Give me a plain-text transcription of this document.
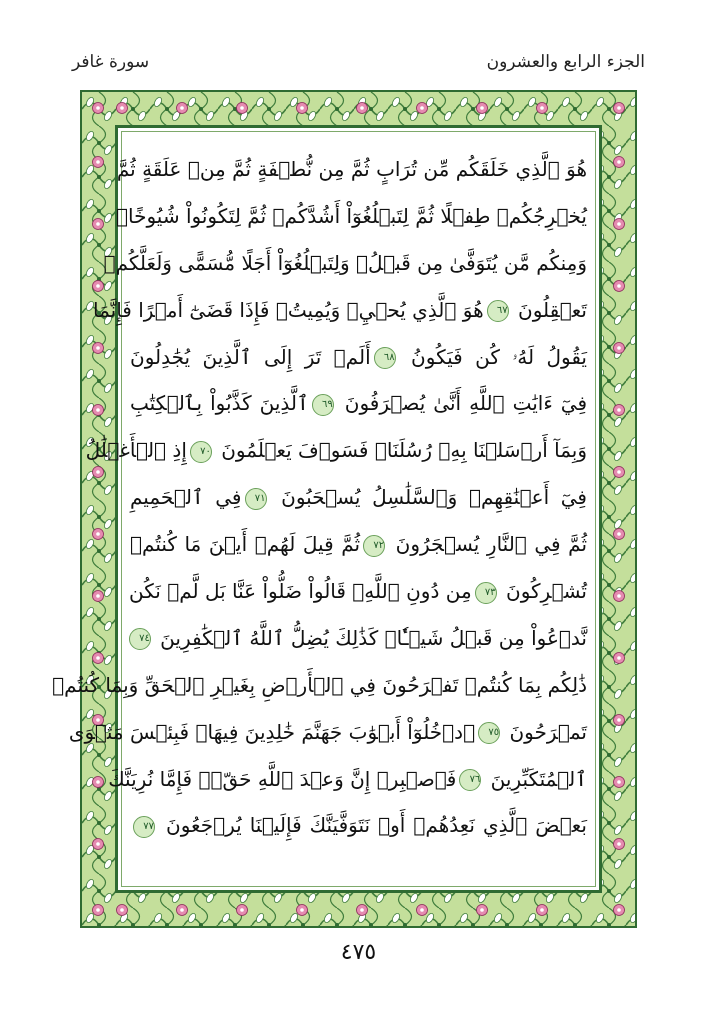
سورة غافر	الجزء الرابع والعشرون
هُوَ ٱلَّذِي خَلَقَكُم مِّن تُرَابٍ ثُمَّ مِن نُّطۡفَةٍ ثُمَّ مِنۡ عَلَقَةٍ ثُمَّ
يُخۡرِجُكُمۡ طِفۡلًا ثُمَّ لِتَبۡلُغُوٓاْ أَشُدَّكُمۡ ثُمَّ لِتَكُونُواْ شُيُوخًاۚ
وَمِنكُم مَّن يُتَوَفَّىٰ مِن قَبۡلُۖ وَلِتَبۡلُغُوٓاْ أَجَلًا مُّسَمًّى وَلَعَلَّكُمۡ
تَعۡقِلُونَ ٦٧هُوَ ٱلَّذِي يُحۡيِۦ وَيُمِيتُۖ فَإِذَا قَضَىٰٓ أَمۡرًا فَإِنَّمَا
يَقُولُ لَهُۥ كُن فَيَكُونُ ٦٨أَلَمۡ تَرَ إِلَى ٱلَّذِينَ يُجَٰدِلُونَ
فِيٓ ءَايَٰتِ ٱللَّهِ أَنَّىٰ يُصۡرَفُونَ ٦٩ٱلَّذِينَ كَذَّبُواْ بِٱلۡكِتَٰبِ
وَبِمَآ أَرۡسَلۡنَا بِهِۦ رُسُلَنَاۖ فَسَوۡفَ يَعۡلَمُونَ ٧٠إِذِ ٱلۡأَغۡلَٰلُ
فِيٓ أَعۡنَٰقِهِمۡ وَٱلسَّلَٰسِلُ يُسۡحَبُونَ ٧١فِي ٱلۡحَمِيمِ
ثُمَّ فِي ٱلنَّارِ يُسۡجَرُونَ ٧٢ثُمَّ قِيلَ لَهُمۡ أَيۡنَ مَا كُنتُمۡ
تُشۡرِكُونَ ٧٣مِن دُونِ ٱللَّهِۖ قَالُواْ ضَلُّواْ عَنَّا بَل لَّمۡ نَكُن
نَّدۡعُواْ مِن قَبۡلُ شَيۡـٔٗاۚ كَذَٰلِكَ يُضِلُّ ٱللَّهُ ٱلۡكَٰفِرِينَ ٧٤
ذَٰلِكُم بِمَا كُنتُمۡ تَفۡرَحُونَ فِي ٱلۡأَرۡضِ بِغَيۡرِ ٱلۡحَقِّ وَبِمَا كُنتُمۡ
تَمۡرَحُونَ ٧٥ٱدۡخُلُوٓاْ أَبۡوَٰبَ جَهَنَّمَ خَٰلِدِينَ فِيهَاۖ فَبِئۡسَ مَثۡوَى
ٱلۡمُتَكَبِّرِينَ ٧٦فَٱصۡبِرۡ إِنَّ وَعۡدَ ٱللَّهِ حَقّٞۚ فَإِمَّا نُرِيَنَّكَ
بَعۡضَ ٱلَّذِي نَعِدُهُمۡ أَوۡ نَتَوَفَّيَنَّكَ فَإِلَيۡنَا يُرۡجَعُونَ ٧٧
٤٧٥
